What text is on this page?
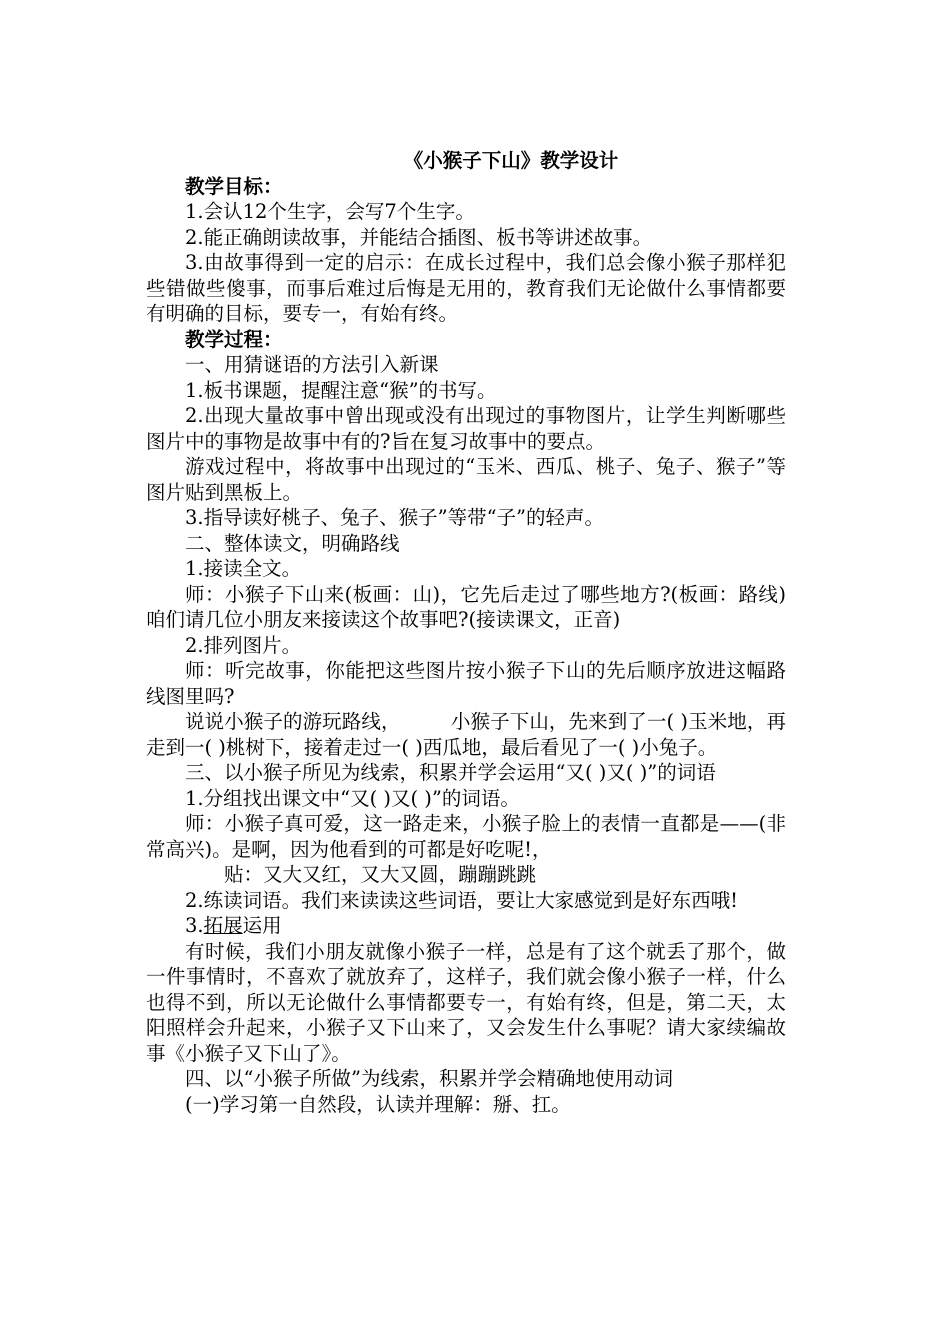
《小猴子下山》教学设计

教学目标：

1.会认12个生字，会写7个生字。

2.能正确朗读故事，并能结合插图、板书等讲述故事。

3.由故事得到一定的启示：在成长过程中，我们总会像小猴子那样犯些错做些傻事，而事后难过后悔是无用的，教育我们无论做什么事情都要有明确的目标，要专一，有始有终。

教学过程：

一、用猜谜语的方法引入新课

1.板书课题，提醒注意“猴”的书写。

2.出现大量故事中曾出现或没有出现过的事物图片，让学生判断哪些图片中的事物是故事中有的?旨在复习故事中的要点。

游戏过程中，将故事中出现过的“玉米、西瓜、桃子、兔子、猴子”等图片贴到黑板上。

3.指导读好桃子、兔子、猴子”等带“子”的轻声。

二、整体读文，明确路线

1.接读全文。

师：小猴子下山来(板画：山)，它先后走过了哪些地方?(板画：路线)咱们请几位小朋友来接读这个故事吧?(接读课文，正音)

2.排列图片。

师：听完故事，你能把这些图片按小猴子下山的先后顺序放进这幅路线图里吗?

说说小猴子的游玩路线，        小猴子下山，先来到了一( )玉米地，再走到一( )桃树下，接着走过一( )西瓜地，最后看见了一( )小兔子。

三、以小猴子所见为线索，积累并学会运用“又( )又( )”的词语

1.分组找出课文中“又( )又( )”的词语。

师：小猴子真可爱，这一路走来，小猴子脸上的表情一直都是——(非常高兴)。是啊，因为他看到的可都是好吃呢!，

贴：又大又红，又大又圆，蹦蹦跳跳

2.练读词语。我们来读读这些词语，要让大家感觉到是好东西哦!

3.拓展运用

有时候，我们小朋友就像小猴子一样，总是有了这个就丢了那个，做一件事情时，不喜欢了就放弃了，这样子，我们就会像小猴子一样，什么也得不到，所以无论做什么事情都要专一，有始有终，但是，第二天，太阳照样会升起来，小猴子又下山来了，又会发生什么事呢？请大家续编故事《小猴子又下山了》。

四、以“小猴子所做”为线索，积累并学会精确地使用动词

(一)学习第一自然段，认读并理解：掰、扛。
